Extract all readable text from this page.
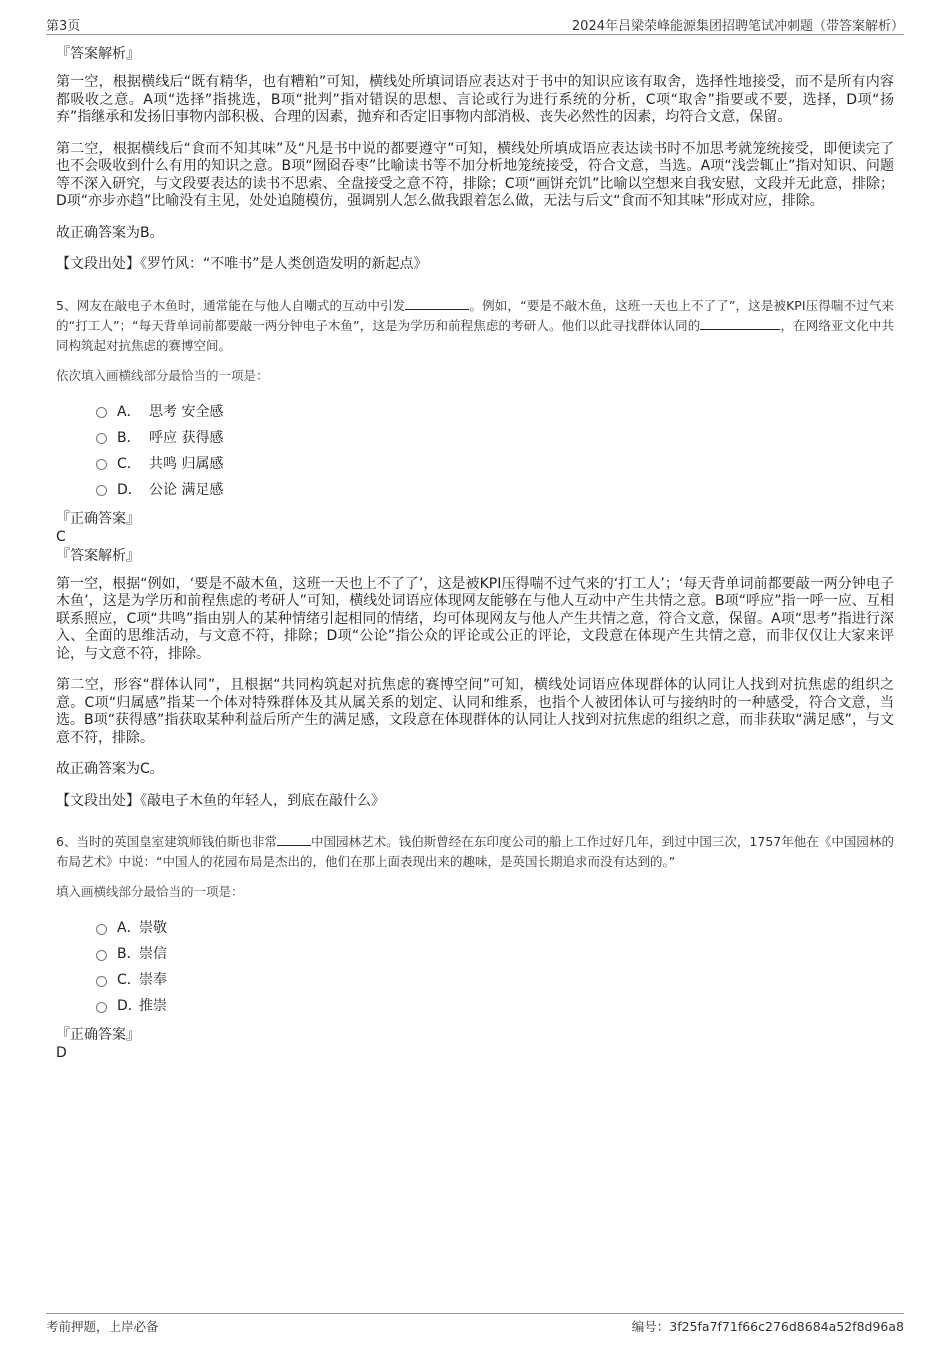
第3页	2024年吕梁荣峰能源集团招聘笔试冲刺题（带答案解析）

『答案解析』

第一空，根据横线后“既有精华，也有糟粕”可知，横线处所填词语应表达对于书中的知识应该有取舍，选择性地接受，而不是所有内容都吸收之意。A项“选择”指挑选，B项“批判”指对错误的思想、言论或行为进行系统的分析，C项“取舍”指要或不要，选择，D项“扬弃”指继承和发扬旧事物内部积极、合理的因素，抛弃和否定旧事物内部消极、丧失必然性的因素，均符合文意，保留。

第二空，根据横线后“食而不知其味”及“凡是书中说的都要遵守”可知，横线处所填成语应表达读书时不加思考就笼统接受，即便读完了也不会吸收到什么有用的知识之意。B项“囫囵吞枣”比喻读书等不加分析地笼统接受，符合文意，当选。A项“浅尝辄止”指对知识、问题等不深入研究，与文段要表达的读书不思索、全盘接受之意不符，排除；C项“画饼充饥”比喻以空想来自我安慰，文段并无此意，排除；D项“亦步亦趋”比喻没有主见，处处追随模仿，强调别人怎么做我跟着怎么做，无法与后文“食而不知其味”形成对应，排除。

故正确答案为B。

【文段出处】《罗竹风：“不唯书”是人类创造发明的新起点》

5、网友在敲电子木鱼时，通常能在与他人自嘲式的互动中引发	。例如，“要是不敲木鱼，这班一天也上不了了”，这是被KPI压得喘不过气来的“打工人”；“每天背单词前都要敲一两分钟电子木鱼”，这是为学历和前程焦虑的考研人。他们以此寻找群体认同的	，在网络亚文化中共同构筑起对抗焦虑的赛博空间。

依次填入画横线部分最恰当的一项是：

A． 思考 安全感
B． 呼应 获得感
C． 共鸣 归属感
D． 公论 满足感

『正确答案』

C

『答案解析』

第一空，根据“例如，‘要是不敲木鱼，这班一天也上不了了’，这是被KPI压得喘不过气来的‘打工人’；‘每天背单词前都要敲一两分钟电子木鱼’，这是为学历和前程焦虑的考研人”可知，横线处词语应体现网友能够在与他人互动中产生共情之意。B项“呼应”指一呼一应、互相联系照应，C项“共鸣”指由别人的某种情绪引起相同的情绪，均可体现网友与他人产生共情之意，符合文意，保留。A项“思考”指进行深入、全面的思维活动，与文意不符，排除；D项“公论”指公众的评论或公正的评论，文段意在体现产生共情之意，而非仅仅让大家来评论，与文意不符，排除。

第二空，形容“群体认同”，且根据“共同构筑起对抗焦虑的赛博空间”可知，横线处词语应体现群体的认同让人找到对抗焦虑的组织之意。C项“归属感”指某一个体对特殊群体及其从属关系的划定、认同和维系，也指个人被团体认可与接纳时的一种感受，符合文意，当选。B项“获得感”指获取某种利益后所产生的满足感，文段意在体现群体的认同让人找到对抗焦虑的组织之意，而非获取“满足感”，与文意不符，排除。

故正确答案为C。

【文段出处】《敲电子木鱼的年轻人，到底在敲什么》

6、当时的英国皇室建筑师钱伯斯也非常	中国园林艺术。钱伯斯曾经在东印度公司的船上工作过好几年，到过中国三次，1757年他在《中国园林的布局艺术》中说：“中国人的花园布局是杰出的，他们在那上面表现出来的趣味，是英国长期追求而没有达到的。”

填入画横线部分最恰当的一项是：

A．
崇敬
B．
崇信
C．
崇奉
D．
推崇

『正确答案』

D

考前押题，上岸必备	编号：3f25fa7f71f66c276d8684a52f8d96a8
